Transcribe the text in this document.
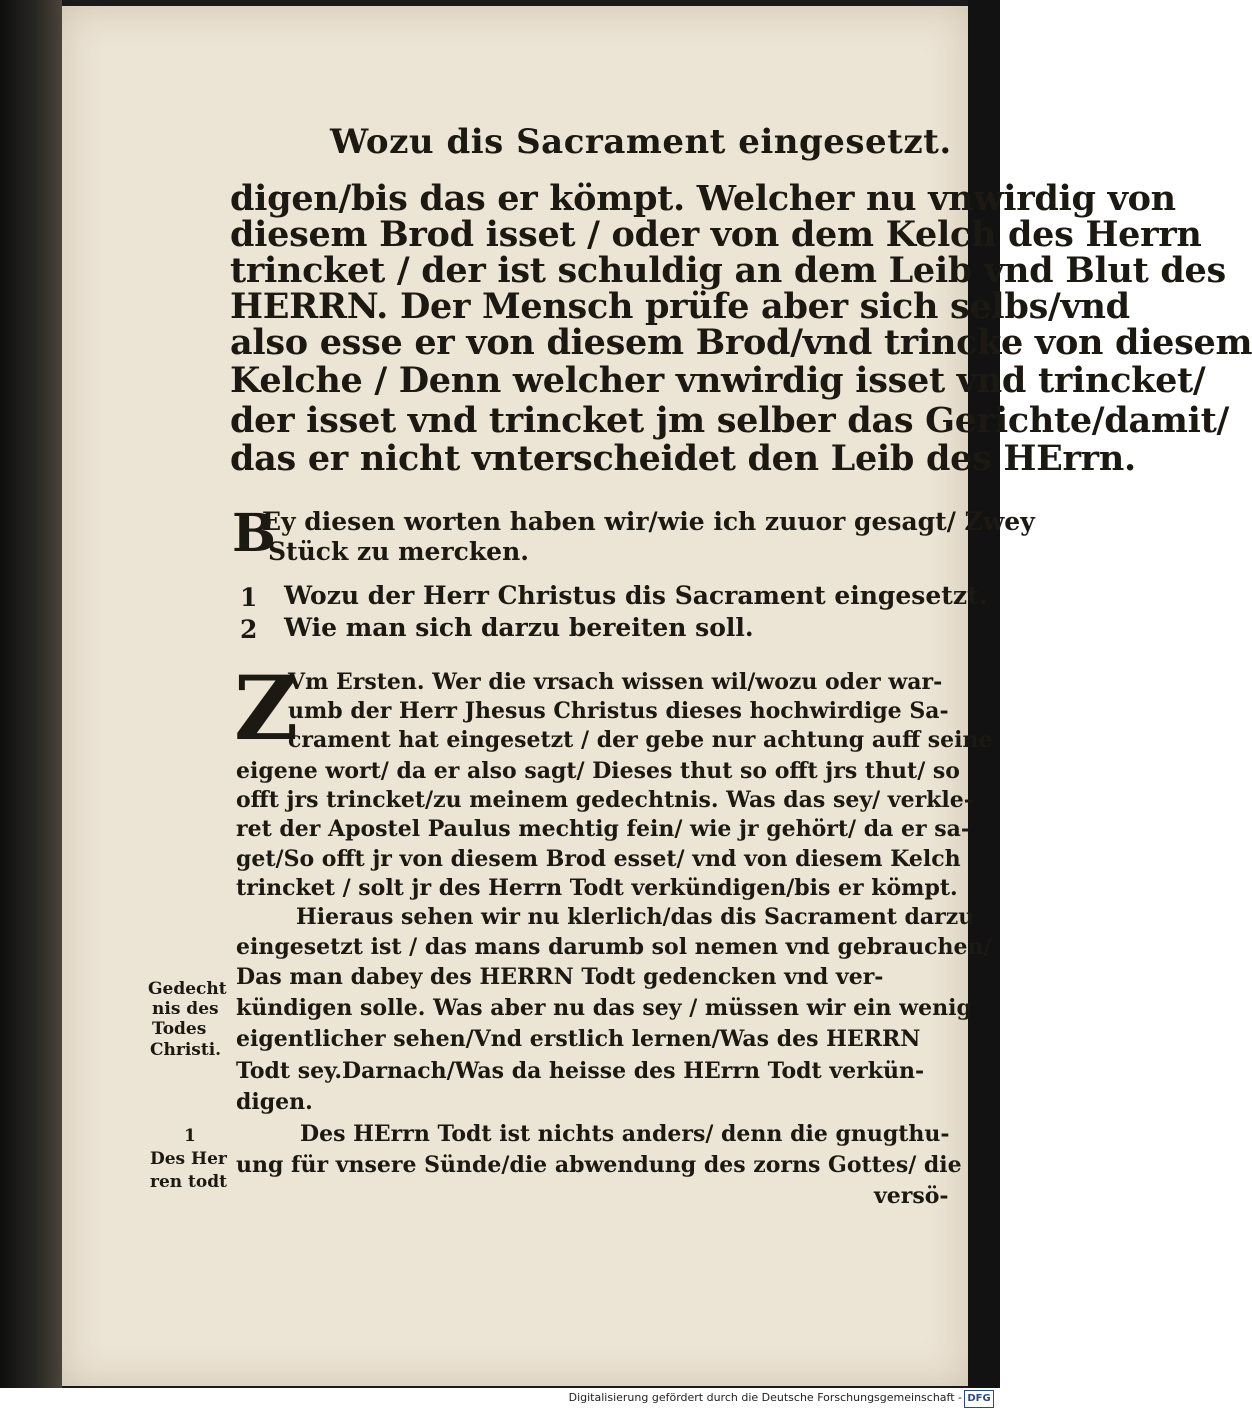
Wozu dis Sacrament eingesetzt.
digen/bis das er kömpt. Welcher nu vnwirdig von
diesem Brod isset / oder von dem Kelch des Herrn
trincket / der ist schuldig an dem Leib vnd Blut des
HERRN. Der Mensch prüfe aber sich selbs/vnd
also esse er von diesem Brod/vnd trincke von diesem
Kelche / Denn welcher vnwirdig isset vnd trincket/
der isset vnd trincket jm selber das Gerichte/damit/
das er nicht vnterscheidet den Leib des HErrn.
B
Ey diesen worten haben wir/wie ich zuuor gesagt/ Zwey
Stück zu mercken.
1 Wozu der Herr Christus dis Sacrament eingesetzt.
2 Wie man sich darzu bereiten soll.
Z
Vm Ersten. Wer die vrsach wissen wil/wozu oder war-
umb der Herr Jhesus Christus dieses hochwirdige Sa-
crament hat eingesetzt / der gebe nur achtung auff seine
eigene wort/ da er also sagt/ Dieses thut so offt jrs thut/ so
offt jrs trincket/zu meinem gedechtnis. Was das sey/ verkle-
ret der Apostel Paulus mechtig fein/ wie jr gehört/ da er sa-
get/So offt jr von diesem Brod esset/ vnd von diesem Kelch
trincket / solt jr des Herrn Todt verkündigen/bis er kömpt.
Hieraus sehen wir nu klerlich/das dis Sacrament darzu
eingesetzt ist / das mans darumb sol nemen vnd gebrauchen/
Das man dabey des HERRN Todt gedencken vnd ver-
kündigen solle. Was aber nu das sey / müssen wir ein wenig
eigentlicher sehen/Vnd erstlich lernen/Was des HERRN
Todt sey.Darnach/Was da heisse des HErrn Todt verkün-
digen.
Des HErrn Todt ist nichts anders/ denn die gnugthu-
ung für vnsere Sünde/die abwendung des zorns Gottes/ die
versö-
Gedecht
nis des
Todes
Christi.
1
Des Her
ren todt
Digitalisierung gefördert durch die Deutsche Forschungsgemeinschaft - DFG
